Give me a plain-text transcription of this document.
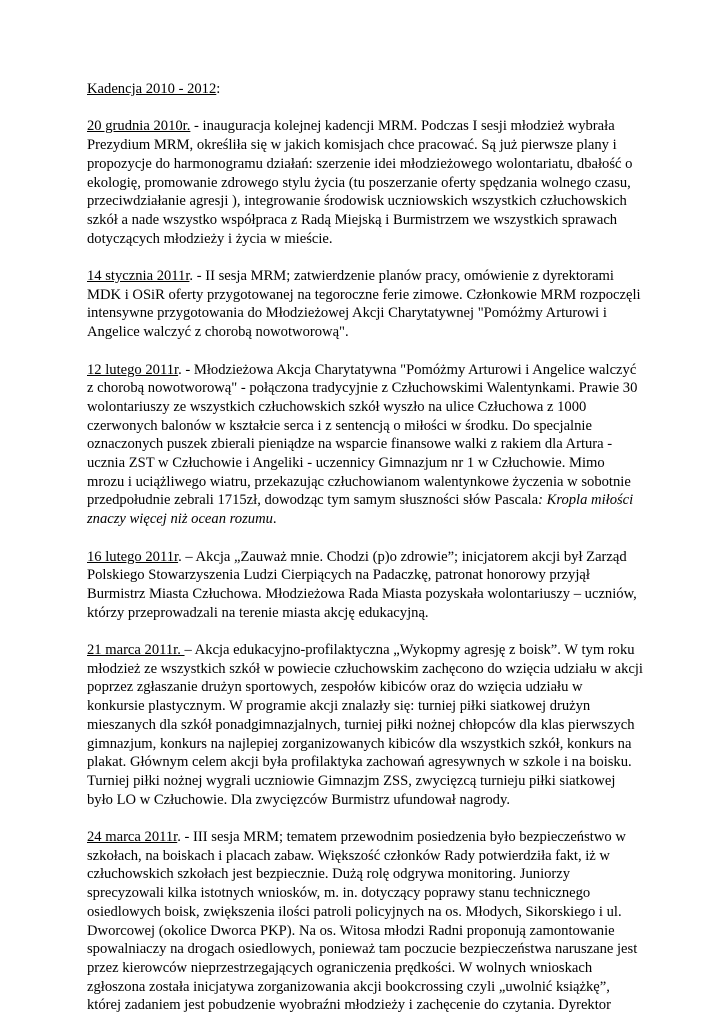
Kadencja 2010 - 2012:

20 grudnia 2010r. - inauguracja kolejnej kadencji MRM. Podczas I sesji młodzież wybrała Prezydium MRM, określiła się w jakich komisjach chce pracować. Są już pierwsze plany i propozycje do harmonogramu działań: szerzenie idei młodzieżowego wolontariatu, dbałość o ekologię, promowanie zdrowego stylu życia (tu poszerzanie oferty spędzania wolnego czasu, przeciwdziałanie agresji ), integrowanie środowisk uczniowskich wszystkich człuchowskich szkół a nade wszystko współpraca z Radą Miejską i Burmistrzem we wszystkich sprawach dotyczących młodzieży i życia w mieście.

14 stycznia 2011r. - II sesja MRM; zatwierdzenie planów pracy, omówienie z dyrektorami MDK i OSiR oferty przygotowanej na tegoroczne ferie zimowe. Członkowie MRM rozpoczęli intensywne przygotowania do Młodzieżowej Akcji Charytatywnej "Pomóżmy Arturowi i Angelice walczyć z chorobą nowotworową".

12 lutego 2011r. - Młodzieżowa Akcja Charytatywna "Pomóżmy Arturowi i Angelice walczyć z chorobą nowotworową" - połączona tradycyjnie z Człuchowskimi Walentynkami. Prawie 30 wolontariuszy ze wszystkich człuchowskich szkół wyszło na ulice Człuchowa z 1000 czerwonych balonów w kształcie serca i z sentencją o miłości w środku. Do specjalnie oznaczonych puszek zbierali pieniądze na wsparcie finansowe walki z rakiem dla Artura - ucznia ZST w Człuchowie i Angeliki - uczennicy Gimnazjum nr 1 w Człuchowie. Mimo mrozu i uciążliwego wiatru, przekazując człuchowianom walentynkowe życzenia w sobotnie przedpołudnie zebrali 1715zł, dowodząc tym samym słuszności słów Pascala: Kropla miłości znaczy więcej niż ocean rozumu.

16 lutego 2011r. – Akcja „Zauważ mnie. Chodzi (p)o zdrowie”; inicjatorem akcji był Zarząd Polskiego Stowarzyszenia Ludzi Cierpiących na Padaczkę, patronat honorowy przyjął Burmistrz Miasta Człuchowa. Młodzieżowa Rada Miasta pozyskała wolontariuszy – uczniów, którzy przeprowadzali na terenie miasta akcję edukacyjną.

21 marca 2011r. – Akcja edukacyjno-profilaktyczna „Wykopmy agresję z boisk”. W tym roku młodzież ze wszystkich szkół w powiecie człuchowskim zachęcono do wzięcia udziału w akcji poprzez zgłaszanie drużyn sportowych, zespołów kibiców oraz do wzięcia udziału w konkursie plastycznym. W programie akcji znalazły się: turniej piłki siatkowej drużyn mieszanych dla szkół ponadgimnazjalnych, turniej piłki nożnej chłopców dla klas pierwszych gimnazjum, konkurs na najlepiej zorganizowanych kibiców dla wszystkich szkół, konkurs na plakat. Głównym celem akcji była profilaktyka zachowań agresywnych w szkole i na boisku. Turniej piłki nożnej wygrali uczniowie Gimnazjm ZSS, zwycięzcą turnieju piłki siatkowej było LO w Człuchowie. Dla zwycięzców Burmistrz ufundował nagrody.

24 marca 2011r. - III sesja MRM; tematem przewodnim posiedzenia było bezpieczeństwo w szkołach, na boiskach i placach zabaw. Większość członków Rady potwierdziła fakt, iż w człuchowskich szkołach jest bezpiecznie. Dużą rolę odgrywa monitoring. Juniorzy sprecyzowali kilka istotnych wniosków, m. in. dotyczący poprawy stanu technicznego osiedlowych boisk, zwiększenia ilości patroli policyjnych na os. Młodych, Sikorskiego i ul. Dworcowej (okolice Dworca PKP). Na os. Witosa młodzi Radni proponują zamontowanie spowalniaczy na drogach osiedlowych, ponieważ tam poczucie bezpieczeństwa naruszane jest przez kierowców nieprzestrzegających ograniczenia prędkości. W wolnych wnioskach zgłoszona została inicjatywa zorganizowania akcji bookcrossing czyli „uwolnić książkę”, której zadaniem jest pobudzenie wyobraźni młodzieży i zachęcenie do czytania. Dyrektor
